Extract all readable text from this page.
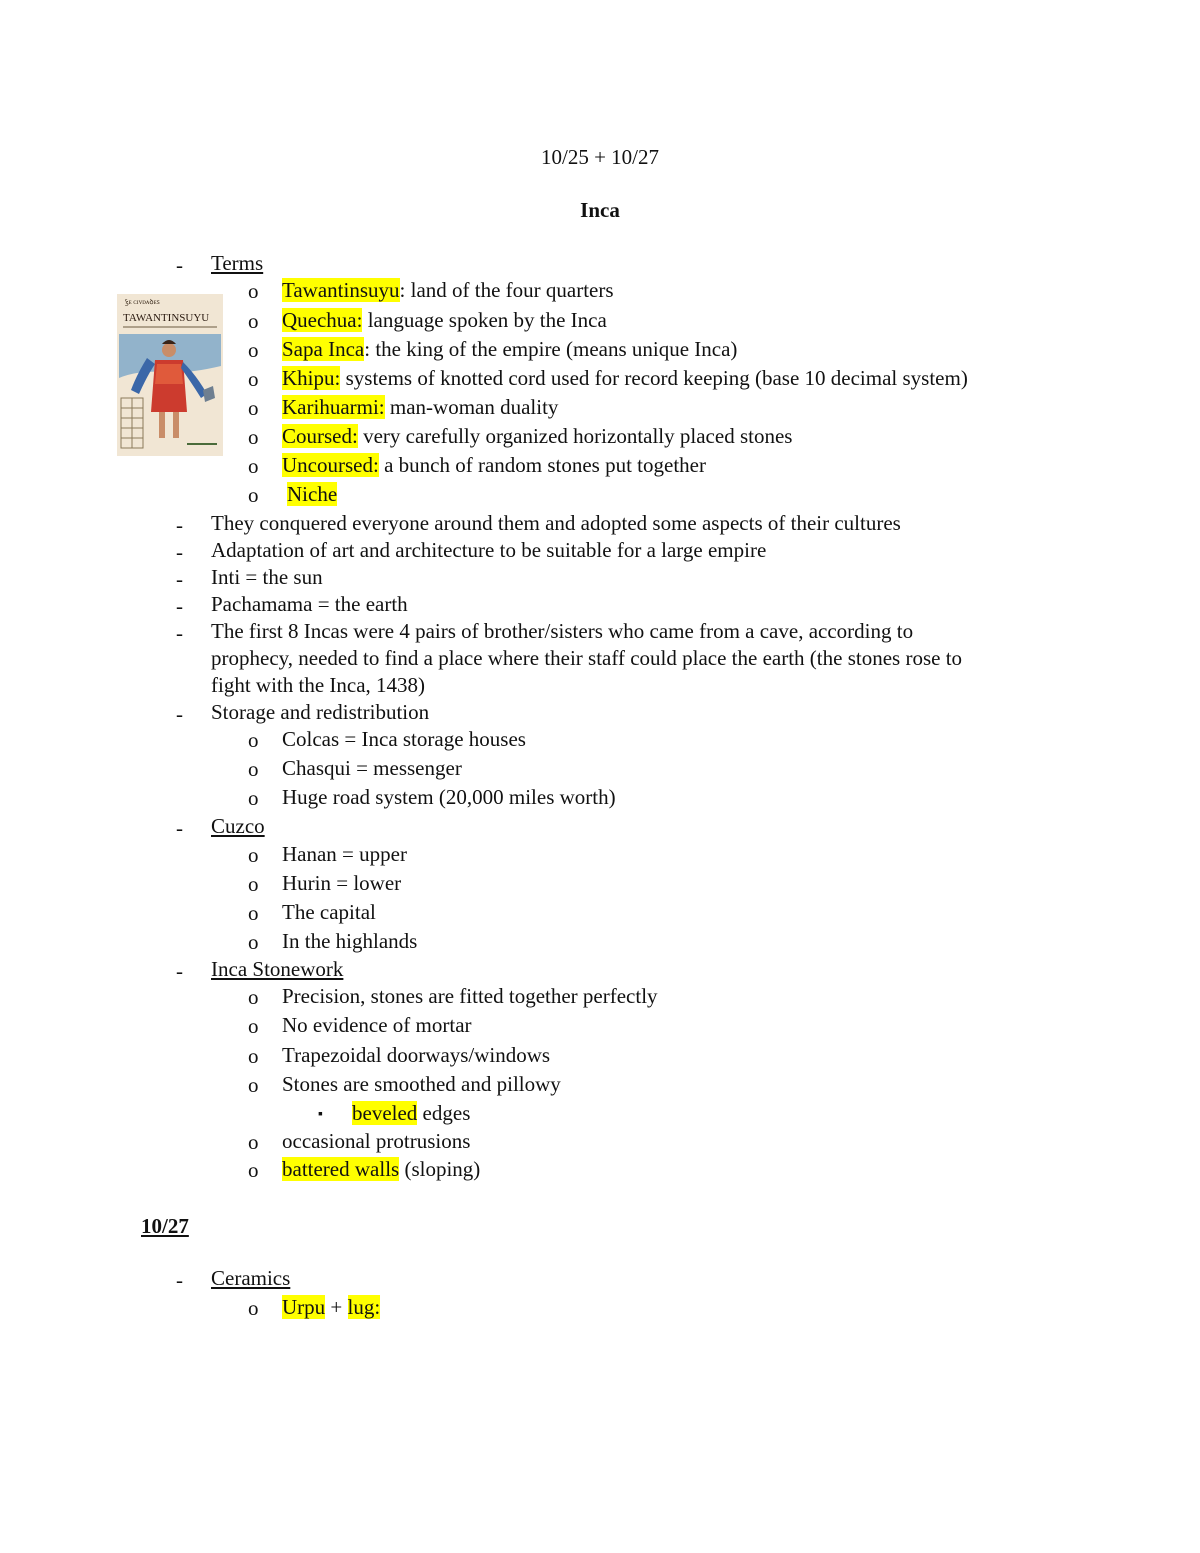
10/25 + 10/27
Inca
-	Terms
ꝣᴇ ᴄɪᴠᴅᴀꝺᴇꜱ
TAWANTINSUYU
o	Tawantinsuyu: land of the four quarters
o	Quechua: language spoken by the Inca
o	Sapa Inca: the king of the empire (means unique Inca)
o	Khipu: systems of knotted cord used for record keeping (base 10 decimal system)
o	Karihuarmi: man-woman duality
o	Coursed: very carefully organized horizontally placed stones
o	Uncoursed: a bunch of random stones put together
o	Niche
-	They conquered everyone around them and adopted some aspects of their cultures
-	Adaptation of art and architecture to be suitable for a large empire
-	Inti = the sun
-	Pachamama = the earth
-	The first 8 Incas were 4 pairs of brother/sisters who came from a cave, according to
prophecy, needed to find a place where their staff could place the earth (the stones rose to
fight with the Inca, 1438)
-	Storage and redistribution
o	Colcas = Inca storage houses
o	Chasqui = messenger
o	Huge road system (20,000 miles worth)
-	Cuzco
o	Hanan = upper
o	Hurin = lower
o	The capital
o	In the highlands
-	Inca Stonework
o	Precision, stones are fitted together perfectly
o	No evidence of mortar
o	Trapezoidal doorways/windows
o	Stones are smoothed and pillowy
▪ beveled edges
o	occasional protrusions
o	battered walls (sloping)
10/27
-	Ceramics
o	Urpu + lug:
